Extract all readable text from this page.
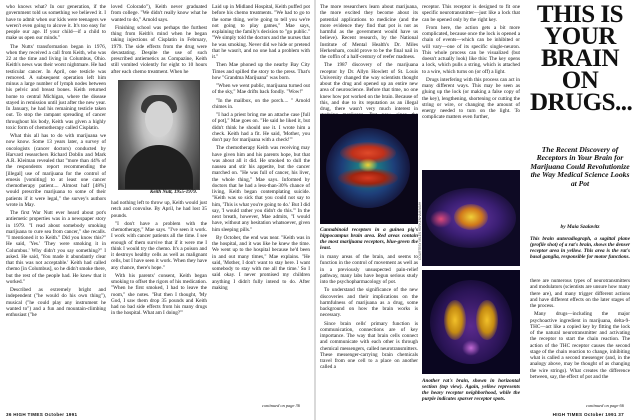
who knows what? In our generation, if the government told us something we believed it. I have to admit when our kids were teenagers we weren't even going to alcove it. It's too easy for people our age. If your child—if a child to make us open our minds."

The Nutts' transformation began in 1976, when they received a call from Keith, who was 22 at the time and living in Columbus, Ohio. Keith's news was their worst nightmare. He had testicular cancer. In April, one testicle was removed. A subsequent operation left him minus a large number of lymph nodes between his pelvic and breast bones. Keith returned home to central Michigan, where the disease stayed in remission until just after the new year. In January, he had his remaining testicle taken out. To stop the rampant spreading of cancer throughout his body, Keith was given a highly toxic form of chemotherapy called Cisplatin.

What this all has to do with marijuana we now know. Some 13 years later, a survey of oncologists (cancer doctors) conducted by Harvard researchers Richard Doblin and Mark A.R. Kleiman revealed that "more than 44% of the respondents report recommending the [illegal] use of marijuana for the control of emesis [vomiting] to at least one cancer chemotherapy patient.... Almost half [48%] would prescribe marijuana to some of their patients if it were legal," the survey's authors wrote in May.

The first War Nutt ever heard about pot's antiemetic properties was in a newspaper story in 1979. "I read about somebody smoking marijuana to cure sea from cancer," she recalls. "I mentioned it to Keith." Did you know this?" He said, 'Yes.' 'They were smoking it in Columbus.' Why didn't you say something?" I asked. He said, 'You made it abundantly clear that this was not acceptable.' Keith had called chemo [in Columbus], so he didn't smoke there, but the rest of the people had. He knew that it worked."

Described as extremely bright and independent ("he would do his own thing"), musical ("he could play any instrument he wanted to") and a fun and mountain-climbing enthusiast ("he

loved Colorado"), Keith never graduated from college. "We didn't really know what he wanted to do," Arnold says.

Finishing school was perhaps the furthest thing from Keith's mind when he began taking injections of Cisplatin in February, 1979. The side effects from the drug were devastating. Despite the use of such prescribed antiemetics as Compazine, Keith still vomited violently for eight to 10 hours after each chemo treatment. When he

Keith Nutt, 1955-1979.

had nothing left to throw up, Keith would just retch and convulse. By April, he had lost 35 pounds.

"I don't have a problem with the chemotherapy," Mae says. "I've seen it work. I work with cancer patients all the time. I see enough of them survive that if it were me I think I would try the chemo. It's a poison and it destroys healthy cells as well as malignant cells, but I have seen it work. When they have any chance, there's hope."

With his parents' consent, Keith began smoking to offset the rigors of his medication. "When he first smoked, I had to leave the room," she notes. "But then I thought, 'My God, I saw them drop 35 pounds and Keith had no bad side effects from his many drugs in the hospital. What am I doing?'"

Laid up in Midland Hospital, Keith puffed pot before his chemo treatments. "We had to go to the some thing, we're going to tell you we're not going to play games," Mae says, explaining the family's decision to "go public." "We simply told the doctors and the nurses that he was smoking. Never did we hide or pretend that he wasn't, and no one had a problem with it."

Then Mae phoned up the nearby Bay City Times and spilled the story to the press. That's how "Grandma Marijuana" was born.

"When we went public, marijuana turned out of the sky," Mae drifts back fondly. "Wow!"

"In the mailbox, on the porch.... " Arnold chimes in.

"I had a priest bring me an attache case [full of pot]," Mae goes on. "He said he liked it, but didn't think he should use it. I wrote him a check. Keith had a fit. He said, 'Mother, you don't pay for marijuana with a check!'"

The chemotherapy Keith was receiving may have given him and his parents hope, but that was about all it did. He smoked to dull the nausea and stir his appetite, but the cancer marched on. "He was full of cancer, his liver, the whole thing," Mae says. Informed by doctors that he had a less-than-30% chance of living, Keith began contemplating suicide. "Keith was so sick that you could not say to him, 'This is what you're going to do.' But I did say, 'I would rather you didn't do this.'" In the next breath, however, Mae admits, "I would have, without any hesitation whatsoever, given him sleeping pills."

By October, the end was near. "Keith was in the hospital, and it was like he knew the time. We went up to the hospital because he'd been in and out many times," Mae explains. "He said, 'Mother, I don't want to stay here. I want somebody to stay with me all the time.' So I said okay. I never promised my children anything I didn't fully intend to do. After making

continued on page 36
36 HIGH TIMES October 1991

The more researchers learn about marijuana, the more excited they become about its potential applications to medicine (and the more evidence they find that pot is not as harmful as the government would have us believe). Recent research, by the National Institute of Mental Health's Dr. Miles Herkenham, could prove to be the final nail in the coffin of a half-century of reefer madness.

The 1987 discovery of the marijuana receptor by Dr. Allyn Howlett of St. Louis University changed the way scientists thought about the drug and opened up an entire new area of neuroscience. Before that time, no one knew how pot worked on the brain. Because of this, and due to its reputation as an illegal drug, there wasn't very much interest in

Cannabinoid receptors in a guinea pig's hippocampus brain area. Red areas contain the most marijuana receptors, blue-green the least.

in many areas of the brain, and seems to function in the control of movement as well as in a previously unsuspected pain-relief pathway, many labs have begun serious study into the psychopharmacology of pot.

To understand the significance of the new discoveries and their implications on the harmfulness of marijuana as a drug, some background on how the brain works is necessary.

Since brain cells' primary function is communication, connections are of key importance. The way that brain cells connect and communicate with each other is through chemical messengers, called neurotransmitters. These messenger-carrying brain chemicals travel from one cell to a place on another called a

Another rat's brain, shown in horizontal section (top view). Again, yellow represents the heavy receptor neighborhood, while the purple indicates sparser receptor spots.
COURTESY MILES HERKENHAM/NIMH

receptor. This receptor is designed to fit one specific neurotransmitter—just like a lock that can be opened only by the right key.

From here, the action gets a bit more complicated, because once the lock is opened a chain of events—which can be inhibited or will vary—one of its specific single-neuron. This whole process can be visualized (but doesn't actually look) like this: The key opens a lock, which pulls a string, which is attached to a wire, which turns on (or off) a light.

Drugs interfering with this process can act in many different ways. This may be seen as gluing up the lock (or making a false copy of the key), lengthening, shortening or cutting the string or wire, or changing the amount of energy needed to turn on the light. To complicate matters even further,

THIS IS
YOUR
BRAIN ON
DRUGS...
The Recent Discovery of Receptors in Your Brain for Marijuana Could Revolutionize the Way Medical Science Looks at Pot
by Maia Szalavitz
This brain autoradiograph, a sagittal plane (profile shot) of a rat's brain, shows the denser receptor area in yellow. This area is the rat's basal ganglia, responsible for motor functions.

there are numerous types of neurotransmitters and modulators (scientists are unsure how many there are), and many trigger different actions and have different effects on the later stages of the process.

Many drugs—including the major psychoactive ingredient in marijuana, delta-9-THC—act like a copied key by fitting the lock of the natural neurotransmitter and activating the receptor to start the chain reaction. The action of the THC receptor causes the second stage of the chain reaction to change, inhibiting what is called a second messenger (and, in the analogy above, may be thought of as changing the wire strings). What creates the difference between, say, the effect of pot and the

continued on page 66
HIGH TIMES October 1991 37
